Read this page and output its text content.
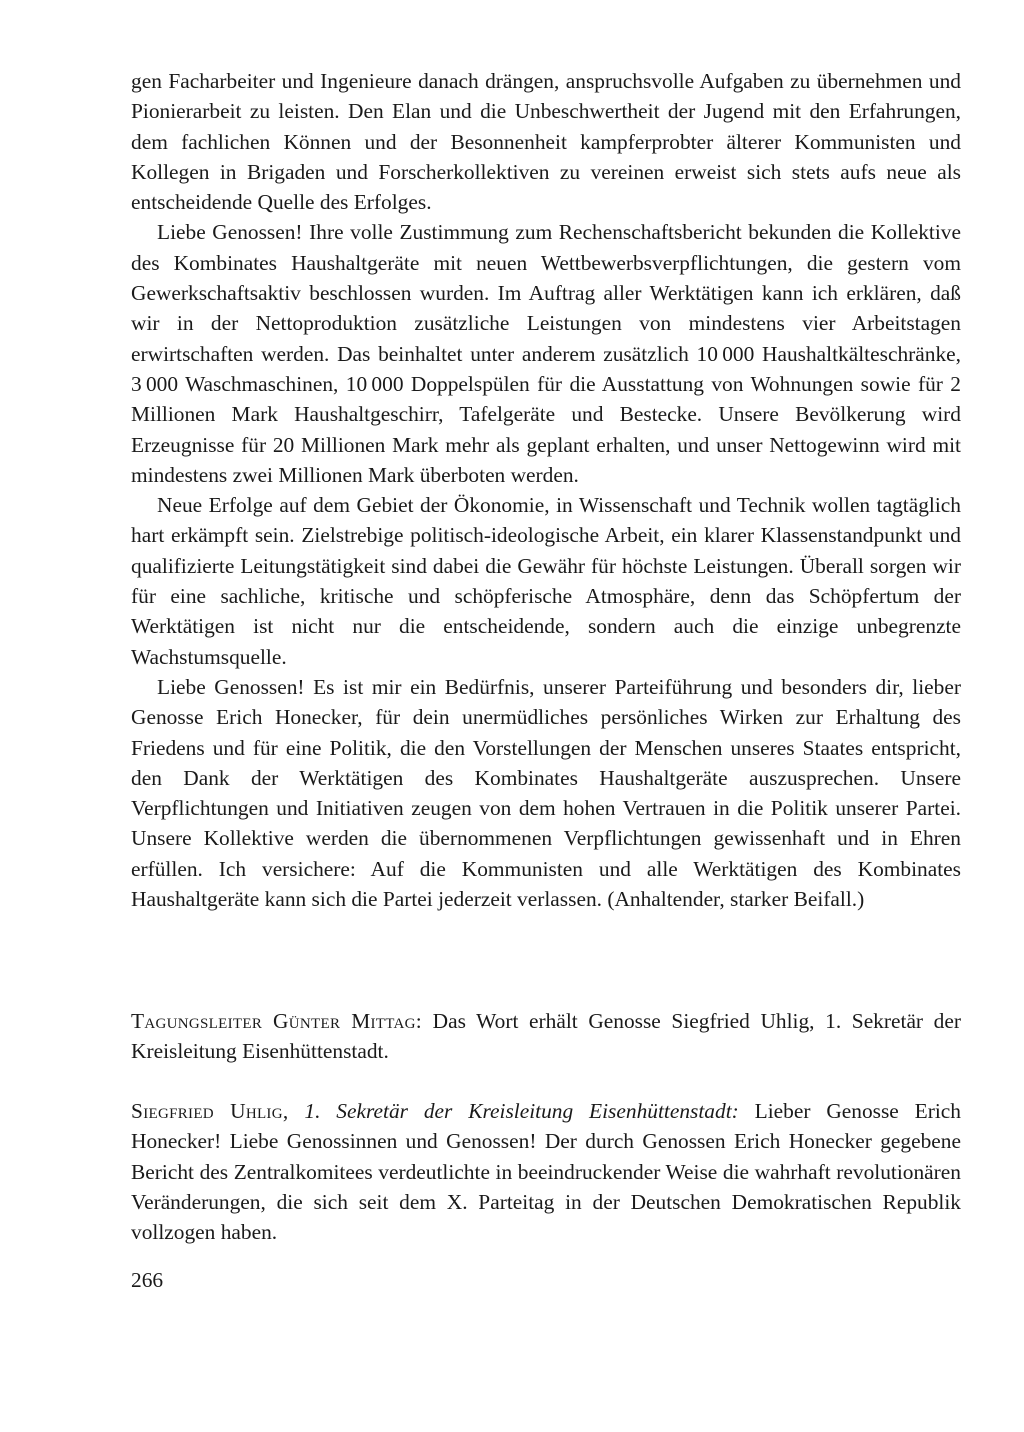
gen Facharbeiter und Ingenieure danach drängen, anspruchsvolle Aufgaben zu übernehmen und Pionierarbeit zu leisten. Den Elan und die Unbeschwertheit der Jugend mit den Erfahrungen, dem fachlichen Können und der Besonnenheit kampferprobter älterer Kommunisten und Kollegen in Brigaden und Forscherkollektiven zu vereinen erweist sich stets aufs neue als entscheidende Quelle des Erfolges.

Liebe Genossen! Ihre volle Zustimmung zum Rechenschaftsbericht bekunden die Kollektive des Kombinates Haushaltgeräte mit neuen Wettbewerbsverpflichtungen, die gestern vom Gewerkschaftsaktiv beschlossen wurden. Im Auftrag aller Werktätigen kann ich erklären, daß wir in der Nettoproduktion zusätzliche Leistungen von mindestens vier Arbeitstagen erwirtschaften werden. Das beinhaltet unter anderem zusätzlich 10 000 Haushaltkälteschränke, 3 000 Waschmaschinen, 10 000 Doppelspülen für die Ausstattung von Wohnungen sowie für 2 Millionen Mark Haushaltgeschirr, Tafelgeräte und Bestecke. Unsere Bevölkerung wird Erzeugnisse für 20 Millionen Mark mehr als geplant erhalten, und unser Nettogewinn wird mit mindestens zwei Millionen Mark überboten werden.

Neue Erfolge auf dem Gebiet der Ökonomie, in Wissenschaft und Technik wollen tagtäglich hart erkämpft sein. Zielstrebige politisch-ideologische Arbeit, ein klarer Klassenstandpunkt und qualifizierte Leitungstätigkeit sind dabei die Gewähr für höchste Leistungen. Überall sorgen wir für eine sachliche, kritische und schöpferische Atmosphäre, denn das Schöpfertum der Werktätigen ist nicht nur die entscheidende, sondern auch die einzige unbegrenzte Wachstumsquelle.

Liebe Genossen! Es ist mir ein Bedürfnis, unserer Parteiführung und besonders dir, lieber Genosse Erich Honecker, für dein unermüdliches persönliches Wirken zur Erhaltung des Friedens und für eine Politik, die den Vorstellungen der Menschen unseres Staates entspricht, den Dank der Werktätigen des Kombinates Haushaltgeräte auszusprechen. Unsere Verpflichtungen und Initiativen zeugen von dem hohen Vertrauen in die Politik unserer Partei. Unsere Kollektive werden die übernommenen Verpflichtungen gewissenhaft und in Ehren erfüllen. Ich versichere: Auf die Kommunisten und alle Werktätigen des Kombinates Haushaltgeräte kann sich die Partei jederzeit verlassen. (Anhaltender, starker Beifall.)

Tagungsleiter Günter Mittag: Das Wort erhält Genosse Siegfried Uhlig, 1. Sekretär der Kreisleitung Eisenhüttenstadt.

Siegfried Uhlig, 1. Sekretär der Kreisleitung Eisenhüttenstadt: Lieber Genosse Erich Honecker! Liebe Genossinnen und Genossen! Der durch Genossen Erich Honecker gegebene Bericht des Zentralkomitees verdeutlichte in beeindruckender Weise die wahrhaft revolutionären Veränderungen, die sich seit dem X. Parteitag in der Deutschen Demokratischen Republik vollzogen haben.

266
